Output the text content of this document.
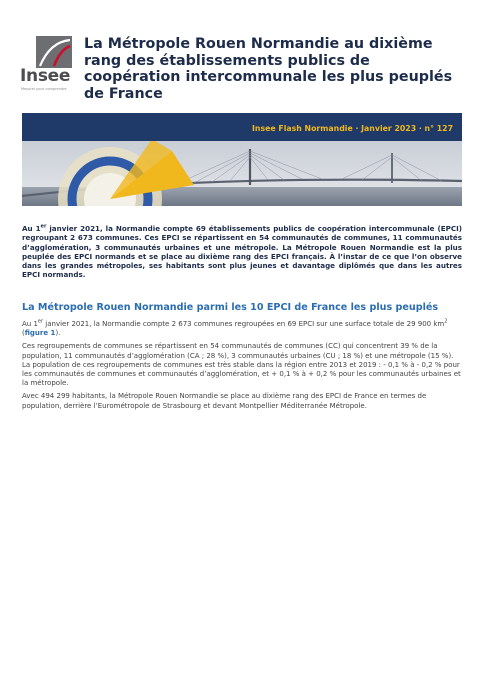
Insee
Mesurer pour comprendre
La Métropole Rouen Normandie au dixième rang des établissements publics de coopération intercommunale les plus peuplés de France
Insee Flash Normandie · Janvier 2023 · n° 127

Au 1er janvier 2021, la Normandie compte 69 établissements publics de coopération intercommunale (EPCI) regroupant 2 673 communes. Ces EPCI se répartissent en 54 communautés de communes, 11 communautés d’agglomération, 3 communautés urbaines et une métropole. La Métropole Rouen Normandie est la plus peuplée des EPCI normands et se place au dixième rang des EPCI français. À l’instar de ce que l’on observe dans les grandes métropoles, ses habitants sont plus jeunes et davantage diplômés que dans les autres EPCI normands.

La Métropole Rouen Normandie parmi les 10 EPCI de France les plus peuplés

Au 1er janvier 2021, la Normandie compte 2 673 communes regroupées en 69 EPCI sur une surface totale de 29 900 $km^2$ (figure 1).

Ces regroupements de communes se répartissent en 54 communautés de communes (CC) qui concentrent 39 % de la population, 11 communautés d’agglomération (CA ; 28 %), 3 communautés urbaines (CU ; 18 %) et une métropole (15 %). La population de ces regroupements de communes est très stable dans la région entre 2013 et 2019 : - 0,1 % à - 0,2 % pour les communautés de communes et communautés d’agglomération, et + 0,1 % à + 0,2 % pour les communautés urbaines et la métropole.

Avec 494 299 habitants, la Métropole Rouen Normandie se place au dixième rang des EPCI de France en termes de population, derrière l’Eurométropole de Strasbourg et devant Montpellier Méditerranée Métropole.
